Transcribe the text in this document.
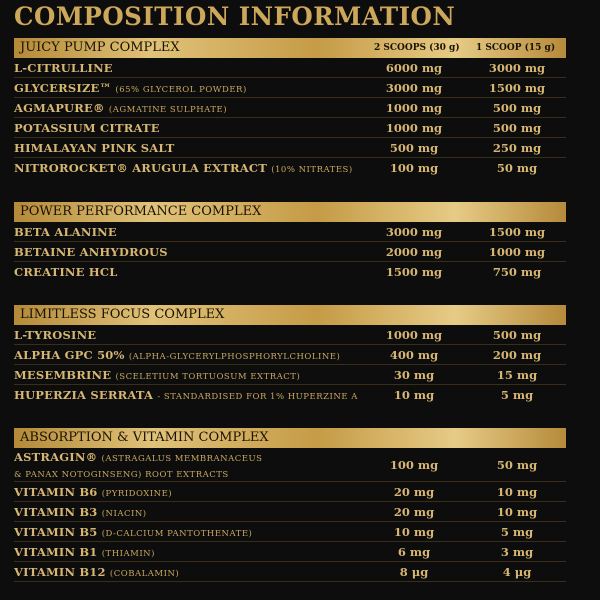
COMPOSITION INFORMATION
JUICY PUMP COMPLEX	2 SCOOPS (30 g) 1 SCOOP (15 g)
L-CITRULLINE	6000 mg	3000 mg
GLYCERSIZE™ (65% GLYCEROL POWDER)	3000 mg	1500 mg
AGMAPURE® (AGMATINE SULPHATE)	1000 mg	500 mg
POTASSIUM CITRATE	1000 mg	500 mg
HIMALAYAN PINK SALT	500 mg	250 mg
NITROROCKET® ARUGULA EXTRACT (10% NITRATES)	100 mg	50 mg
POWER PERFORMANCE COMPLEX
BETA ALANINE	3000 mg	1500 mg
BETAINE ANHYDROUS	2000 mg	1000 mg
CREATINE HCL	1500 mg	750 mg
LIMITLESS FOCUS COMPLEX
L-TYROSINE	1000 mg	500 mg
ALPHA GPC 50% (ALPHA-GLYCERYLPHOSPHORYLCHOLINE)	400 mg	200 mg
MESEMBRINE (SCELETIUM TORTUOSUM EXTRACT)	30 mg	15 mg
HUPERZIA SERRATA - STANDARDISED FOR 1% HUPERZINE A	10 mg	5 mg
ABSORPTION & VITAMIN COMPLEX
ASTRAGIN® (ASTRAGALUS MEMBRANACEUS
& PANAX NOTOGINSENG) ROOT EXTRACTS
100 mg	50 mg
VITAMIN B6 (PYRIDOXINE)	20 mg	10 mg
VITAMIN B3 (NIACIN)	20 mg	10 mg
VITAMIN B5 (D-CALCIUM PANTOTHENATE)	10 mg	5 mg
VITAMIN B1 (THIAMIN)	6 mg	3 mg
VITAMIN B12 (COBALAMIN)	8 μg	4 μg
